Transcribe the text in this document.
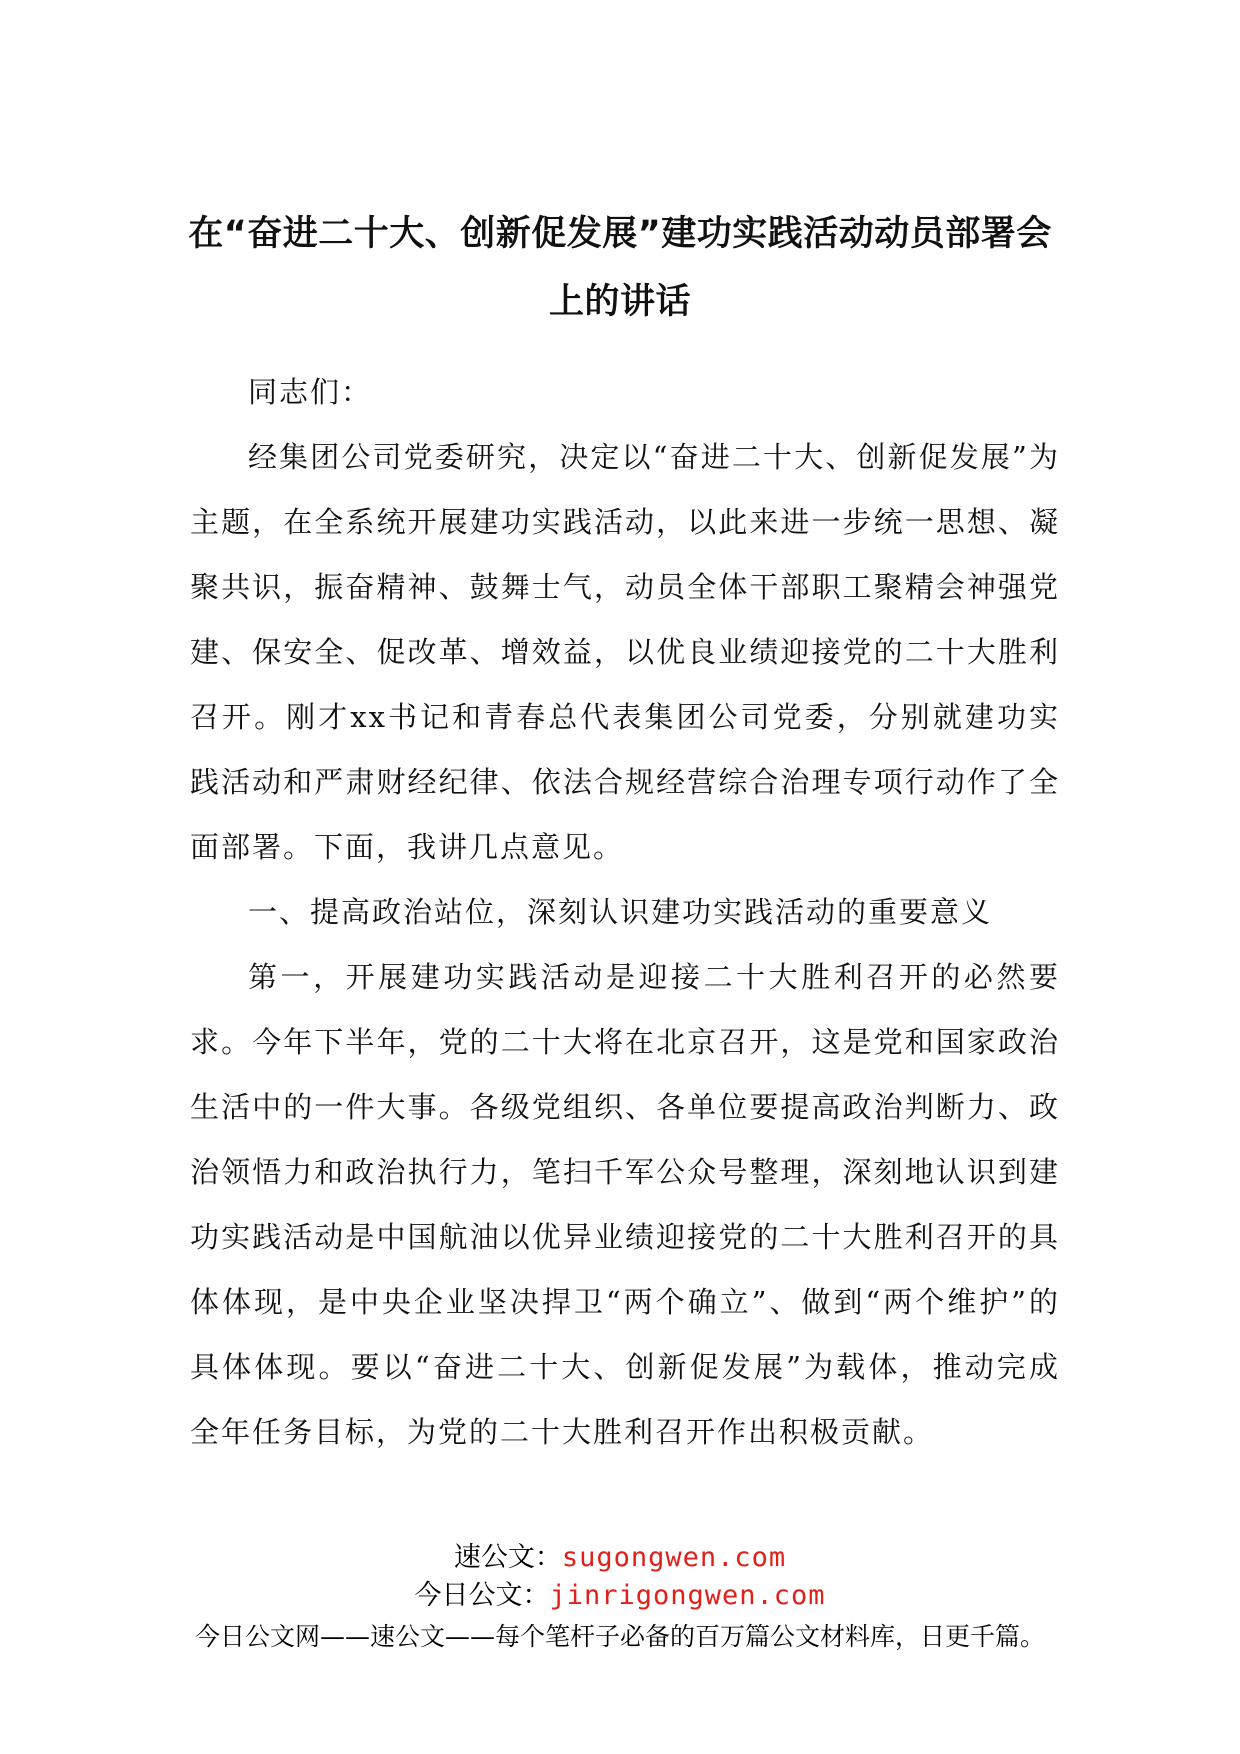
在“奋进二十大、创新促发展”建功实践活动动员部署会
上的讲话

同志们：

经集团公司党委研究，决定以“奋进二十大、创新促发展”为主题，在全系统开展建功实践活动，以此来进一步统一思想、凝聚共识，振奋精神、鼓舞士气，动员全体干部职工聚精会神强党建、保安全、促改革、增效益，以优良业绩迎接党的二十大胜利召开。刚才xx书记和青春总代表集团公司党委，分别就建功实践活动和严肃财经纪律、依法合规经营综合治理专项行动作了全面部署。下面，我讲几点意见。

一、提高政治站位，深刻认识建功实践活动的重要意义

第一，开展建功实践活动是迎接二十大胜利召开的必然要求。今年下半年，党的二十大将在北京召开，这是党和国家政治生活中的一件大事。各级党组织、各单位要提高政治判断力、政治领悟力和政治执行力，笔扫千军公众号整理，深刻地认识到建功实践活动是中国航油以优异业绩迎接党的二十大胜利召开的具体体现，是中央企业坚决捍卫“两个确立”、做到“两个维护”的具体体现。要以“奋进二十大、创新促发展”为载体，推动完成全年任务目标，为党的二十大胜利召开作出积极贡献。

速公文：sugongwen.com
今日公文：jinrigongwen.com
今日公文网——速公文——每个笔杆子必备的百万篇公文材料库，日更千篇。
